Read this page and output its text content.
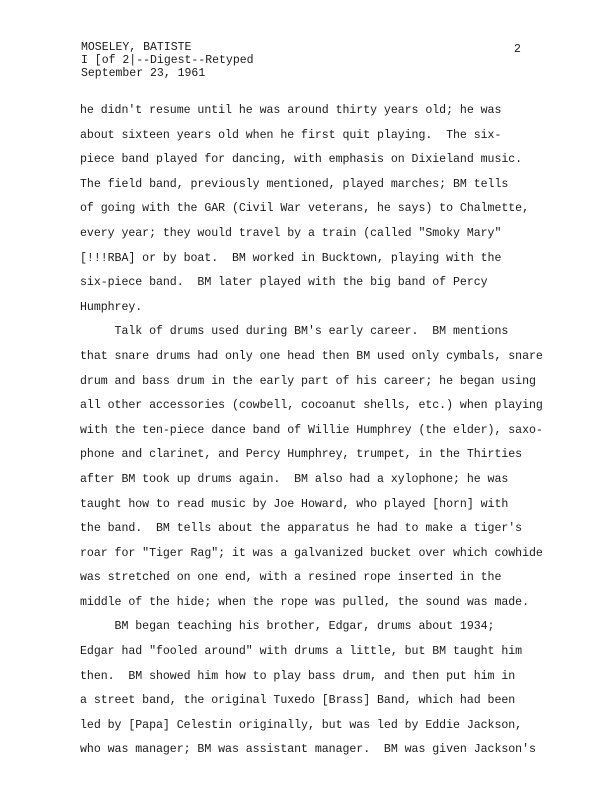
MOSELEY, BATISTE
I [of 2|--Digest--Retyped
September 23, 1961
2
he didn't resume until he was around thirty years old; he was
about sixteen years old when he first quit playing.  The six-
piece band played for dancing, with emphasis on Dixieland music.
The field band, previously mentioned, played marches; BM tells
of going with the GAR (Civil War veterans, he says) to Chalmette,
every year; they would travel by a train (called "Smoky Mary"
[!!!RBA] or by boat.  BM worked in Bucktown, playing with the
six-piece band.  BM later played with the big band of Percy
Humphrey.
Talk of drums used during BM's early career.  BM mentions
that snare drums had only one head then BM used only cymbals, snare
drum and bass drum in the early part of his career; he began using
all other accessories (cowbell, cocoanut shells, etc.) when playing
with the ten-piece dance band of Willie Humphrey (the elder), saxo-
phone and clarinet, and Percy Humphrey, trumpet, in the Thirties
after BM took up drums again.  BM also had a xylophone; he was
taught how to read music by Joe Howard, who played [horn] with
the band.  BM tells about the apparatus he had to make a tiger's
roar for "Tiger Rag"; it was a galvanized bucket over which cowhide
was stretched on one end, with a resined rope inserted in the
middle of the hide; when the rope was pulled, the sound was made.
BM began teaching his brother, Edgar, drums about 1934;
Edgar had "fooled around" with drums a little, but BM taught him
then.  BM showed him how to play bass drum, and then put him in
a street band, the original Tuxedo [Brass] Band, which had been
led by [Papa] Celestin originally, but was led by Eddie Jackson,
who was manager; BM was assistant manager.  BM was given Jackson's
